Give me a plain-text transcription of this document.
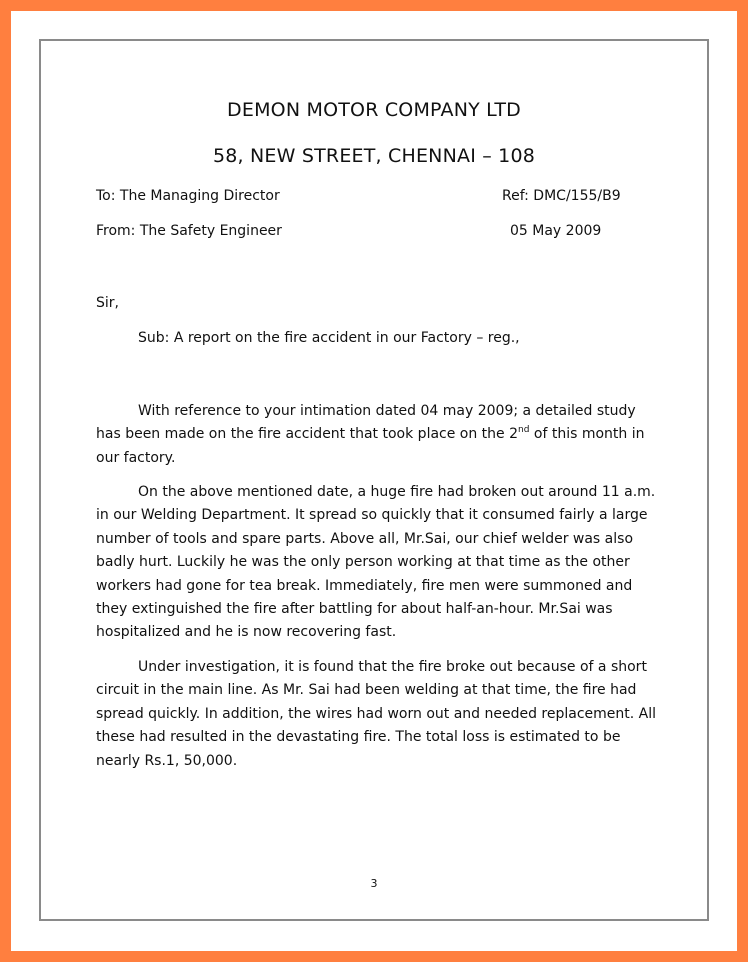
DEMON MOTOR COMPANY LTD
58, NEW STREET, CHENNAI – 108
To: The Managing Director	Ref: DMC/155/B9
From: The Safety Engineer	05 May 2009
Sir,
Sub: A report on the fire accident in our Factory – reg.,

With reference to your intimation dated 04 may 2009; a detailed study has been made on the fire accident that took place on the 2nd of this month in our factory.

On the above mentioned date, a huge fire had broken out around 11 a.m. in our Welding Department. It spread so quickly that it consumed fairly a large number of tools and spare parts. Above all, Mr.Sai, our chief welder was also badly hurt. Luckily he was the only person working at that time as the other workers had gone for tea break. Immediately, fire men were summoned and they extinguished the fire after battling for about half-an-hour. Mr.Sai was hospitalized and he is now recovering fast.

Under investigation, it is found that the fire broke out because of a short circuit in the main line. As Mr. Sai had been welding at that time, the fire had spread quickly. In addition, the wires had worn out and needed replacement. All these had resulted in the devastating fire. The total loss is estimated to be nearly Rs.1, 50,000.

3
